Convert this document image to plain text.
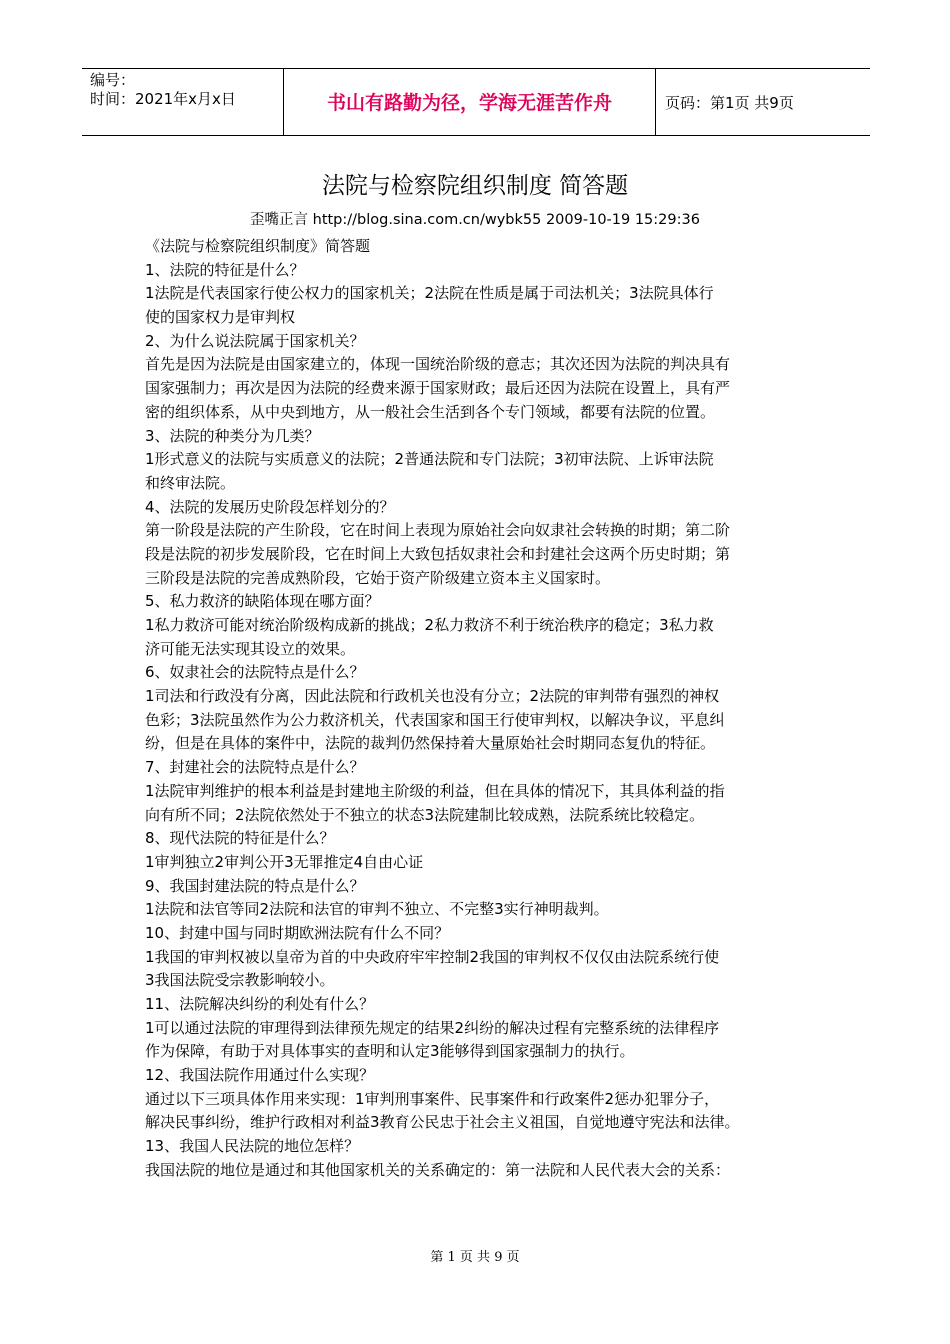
编号：
时间：2021年x月x日	书山有路勤为径，学海无涯苦作舟	页码：第1页 共9页
法院与检察院组织制度 简答题
歪嘴正言 http://blog.sina.com.cn/wybk55 2009-10-19 15:29:36
《法院与检察院组织制度》简答题
1、法院的特征是什么？
1法院是代表国家行使公权力的国家机关；2法院在性质是属于司法机关；3法院具体行
使的国家权力是审判权
2、为什么说法院属于国家机关？
首先是因为法院是由国家建立的，体现一国统治阶级的意志；其次还因为法院的判决具有
国家强制力；再次是因为法院的经费来源于国家财政；最后还因为法院在设置上，具有严
密的组织体系，从中央到地方，从一般社会生活到各个专门领域，都要有法院的位置。
3、法院的种类分为几类？
1形式意义的法院与实质意义的法院；2普通法院和专门法院；3初审法院、上诉审法院
和终审法院。
4、法院的发展历史阶段怎样划分的？
第一阶段是法院的产生阶段，它在时间上表现为原始社会向奴隶社会转换的时期；第二阶
段是法院的初步发展阶段，它在时间上大致包括奴隶社会和封建社会这两个历史时期；第
三阶段是法院的完善成熟阶段，它始于资产阶级建立资本主义国家时。
5、私力救济的缺陷体现在哪方面？
1私力救济可能对统治阶级构成新的挑战；2私力救济不利于统治秩序的稳定；3私力救
济可能无法实现其设立的效果。
6、奴隶社会的法院特点是什么？
1司法和行政没有分离，因此法院和行政机关也没有分立；2法院的审判带有强烈的神权
色彩；3法院虽然作为公力救济机关，代表国家和国王行使审判权，以解决争议，平息纠
纷，但是在具体的案件中，法院的裁判仍然保持着大量原始社会时期同态复仇的特征。
7、封建社会的法院特点是什么？
1法院审判维护的根本利益是封建地主阶级的利益，但在具体的情况下，其具体利益的指
向有所不同；2法院依然处于不独立的状态3法院建制比较成熟，法院系统比较稳定。
8、现代法院的特征是什么？
1审判独立2审判公开3无罪推定4自由心证
9、我国封建法院的特点是什么？
1法院和法官等同2法院和法官的审判不独立、不完整3实行神明裁判。
10、封建中国与同时期欧洲法院有什么不同？
1我国的审判权被以皇帝为首的中央政府牢牢控制2我国的审判权不仅仅由法院系统行使
3我国法院受宗教影响较小。
11、法院解决纠纷的利处有什么？
1可以通过法院的审理得到法律预先规定的结果2纠纷的解决过程有完整系统的法律程序
作为保障，有助于对具体事实的查明和认定3能够得到国家强制力的执行。
12、我国法院作用通过什么实现？
通过以下三项具体作用来实现：1审判刑事案件、民事案件和行政案件2惩办犯罪分子，
解决民事纠纷，维护行政相对利益3教育公民忠于社会主义祖国，自觉地遵守宪法和法律。
13、我国人民法院的地位怎样？
我国法院的地位是通过和其他国家机关的关系确定的：第一法院和人民代表大会的关系：
第 1 页 共 9 页
